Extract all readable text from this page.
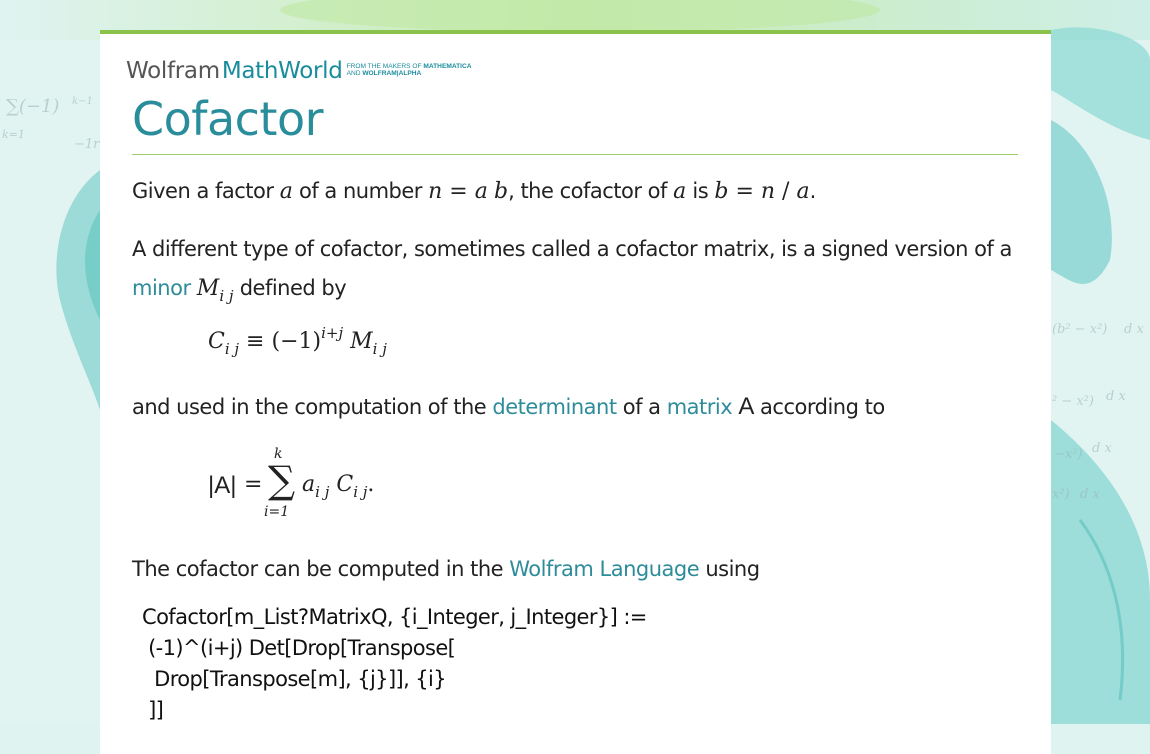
∑(−1) k−1
k=1
−1r
(b² − x²) d x
² − x²) d x
−x²) d x
x²) d x
WolframMathWorld FROM THE MAKERS OF MATHEMATICA
AND WOLFRAM|ALPHA
Cofactor

Given a factor a of a number n = a b, the cofactor of a is b = n / a.

A different type of cofactor, sometimes called a cofactor matrix, is a signed version of a
minor $M_{i j}$ defined by

$C_{i j} \equiv (-1)^{i+j}$ $M_{i j}$

and used in the computation of the determinant of a matrix A according to

|A| =
k
∑
i=1
$a_{i j}$ $C_{i j}$.

The cofactor can be computed in the Wolfram Language using

Cofactor[m_List?MatrixQ, {i_Integer, j_Integer}] :=
(-1)^(i+j) Det[Drop[Transpose[
Drop[Transpose[m], {j}]], {i}
]]
